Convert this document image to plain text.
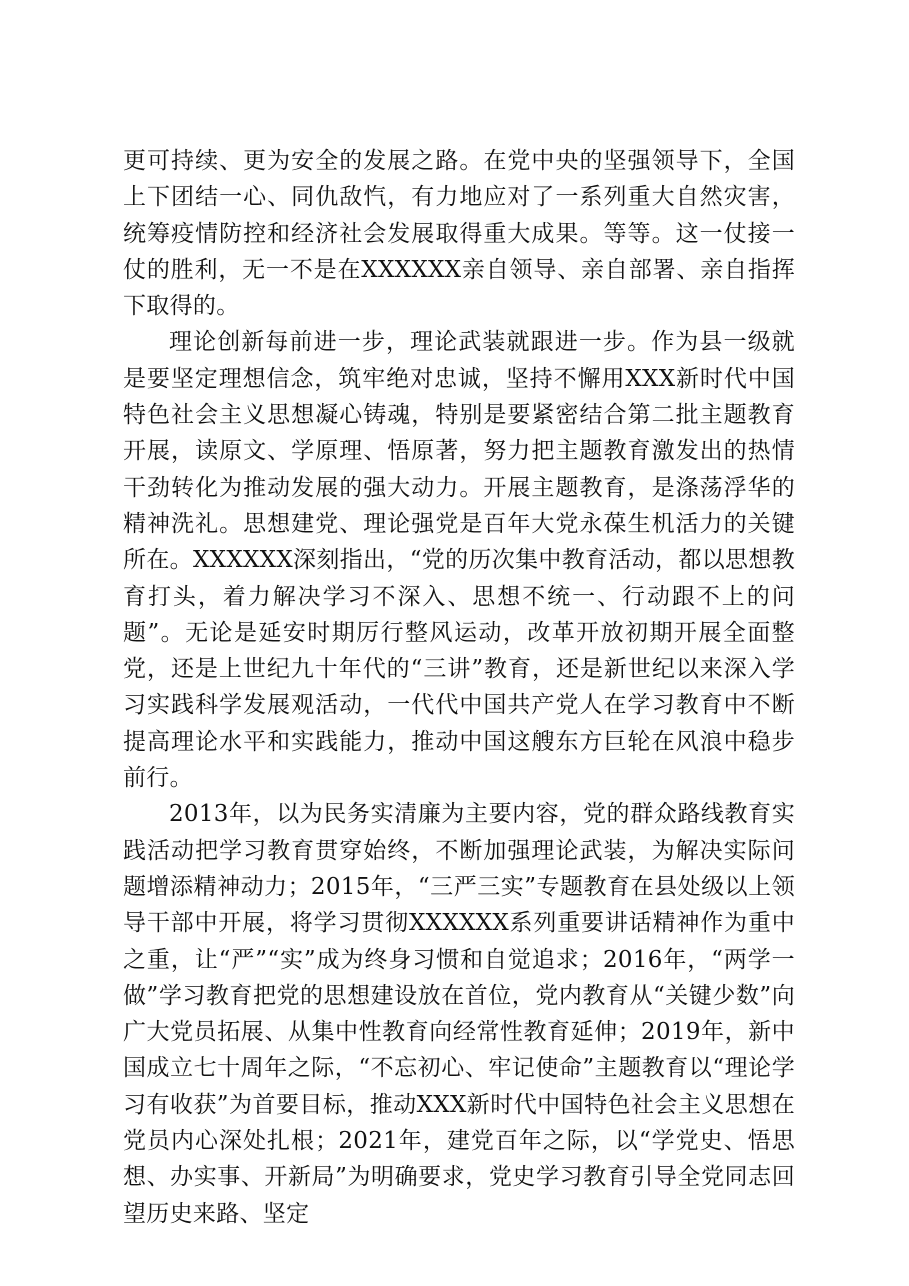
更可持续、更为安全的发展之路。在党中央的坚强领导下，全国上下团结一心、同仇敌忾，有力地应对了一系列重大自然灾害，统筹疫情防控和经济社会发展取得重大成果。等等。这一仗接一仗的胜利，无一不是在XXXXXX亲自领导、亲自部署、亲自指挥下取得的。

理论创新每前进一步，理论武装就跟进一步。作为县一级就是要坚定理想信念，筑牢绝对忠诚，坚持不懈用XXX新时代中国特色社会主义思想凝心铸魂，特别是要紧密结合第二批主题教育开展，读原文、学原理、悟原著，努力把主题教育激发出的热情干劲转化为推动发展的强大动力。开展主题教育，是涤荡浮华的精神洗礼。思想建党、理论强党是百年大党永葆生机活力的关键所在。XXXXXX深刻指出，“党的历次集中教育活动，都以思想教育打头，着力解决学习不深入、思想不统一、行动跟不上的问题”。无论是延安时期厉行整风运动，改革开放初期开展全面整党，还是上世纪九十年代的“三讲”教育，还是新世纪以来深入学习实践科学发展观活动，一代代中国共产党人在学习教育中不断提高理论水平和实践能力，推动中国这艘东方巨轮在风浪中稳步前行。

2013年，以为民务实清廉为主要内容，党的群众路线教育实践活动把学习教育贯穿始终，不断加强理论武装，为解决实际问题增添精神动力；2015年，“三严三实”专题教育在县处级以上领导干部中开展，将学习贯彻XXXXXX系列重要讲话精神作为重中之重，让“严”“实”成为终身习惯和自觉追求；2016年，“两学一做”学习教育把党的思想建设放在首位，党内教育从“关键少数”向广大党员拓展、从集中性教育向经常性教育延伸；2019年，新中国成立七十周年之际，“不忘初心、牢记使命”主题教育以“理论学习有收获”为首要目标，推动XXX新时代中国特色社会主义思想在党员内心深处扎根；2021年，建党百年之际，以“学党史、悟思想、办实事、开新局”为明确要求，党史学习教育引导全党同志回望历史来路、坚定
